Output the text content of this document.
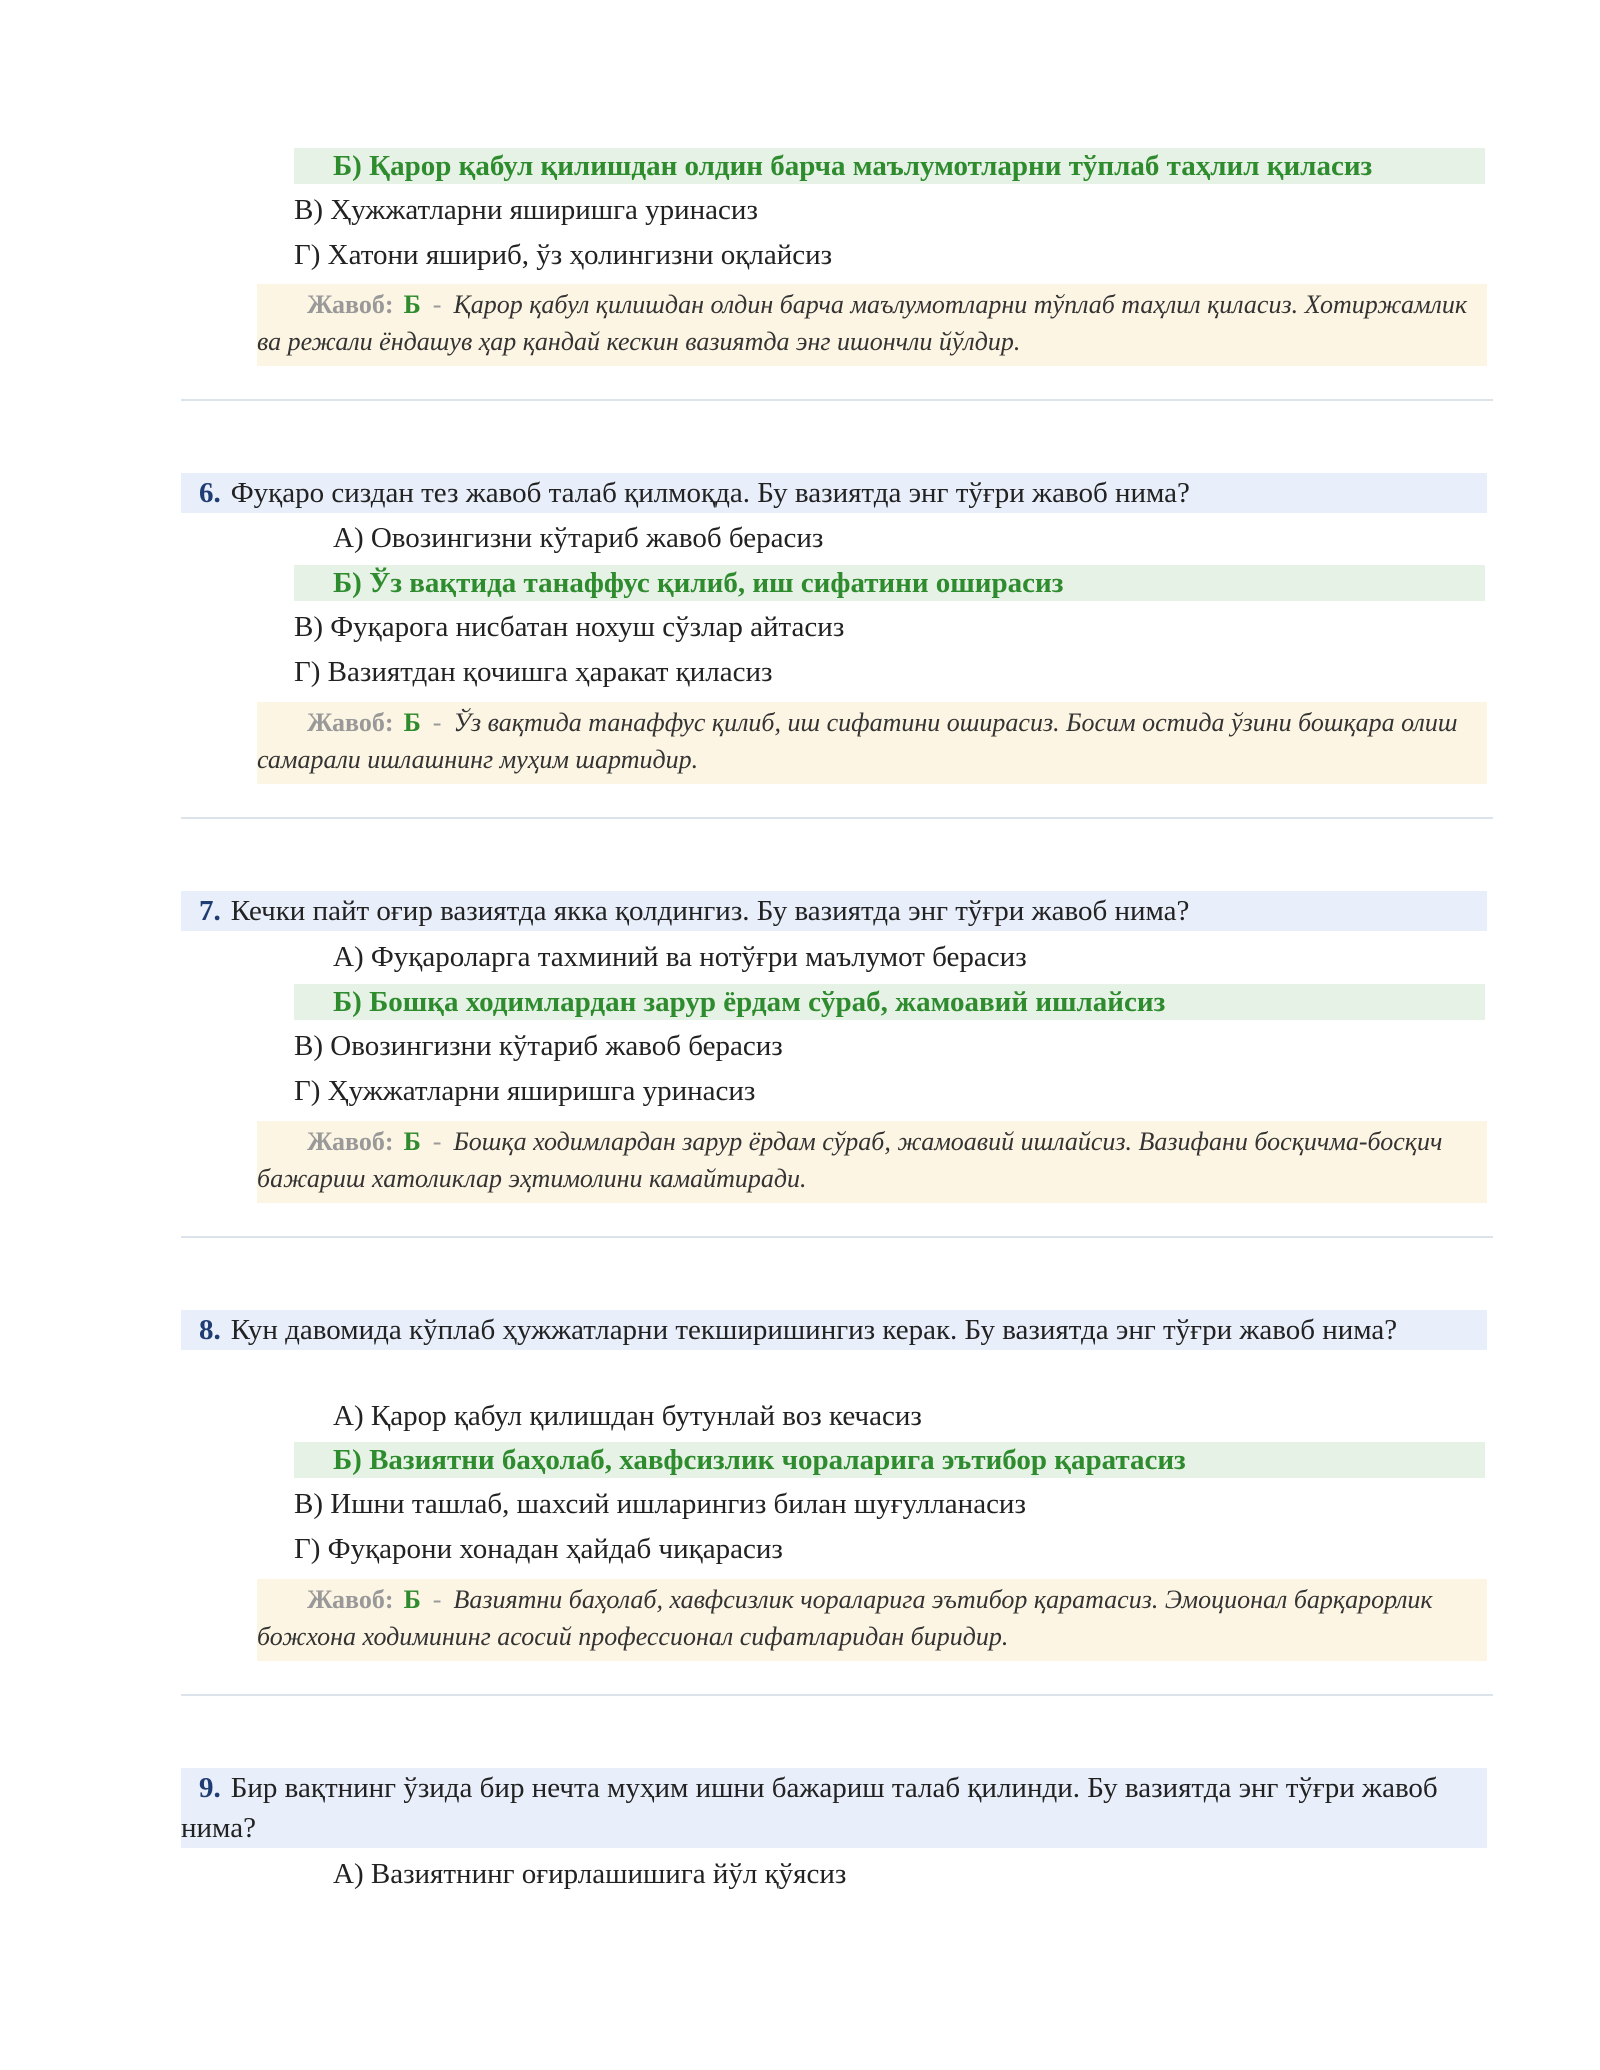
Б) Қарор қабул қилишдан олдин барча маълумотларни тўплаб таҳлил қиласиз
В) Ҳужжатларни яширишга уринасиз
Г) Хатони яшириб, ўз ҳолингизни оқлайсиз
Жавоб: Б - Қарор қабул қилишдан олдин барча маълумотларни тўплаб таҳлил қиласиз. Хотиржамлик ва режали ёндашув ҳар қандай кескин вазиятда энг ишончли йўлдир.
6. Фуқаро сиздан тез жавоб талаб қилмоқда. Бу вазиятда энг тўғри жавоб нима?
А) Овозингизни кўтариб жавоб берасиз
Б) Ўз вақтида танаффус қилиб, иш сифатини оширасиз
В) Фуқарога нисбатан нохуш сўзлар айтасиз
Г) Вазиятдан қочишга ҳаракат қиласиз
Жавоб: Б - Ўз вақтида танаффус қилиб, иш сифатини оширасиз. Босим остида ўзини бошқара олиш самарали ишлашнинг муҳим шартидир.
7. Кечки пайт оғир вазиятда якка қолдингиз. Бу вазиятда энг тўғри жавоб нима?
А) Фуқароларга тахминий ва нотўғри маълумот берасиз
Б) Бошқа ходимлардан зарур ёрдам сўраб, жамоавий ишлайсиз
В) Овозингизни кўтариб жавоб берасиз
Г) Ҳужжатларни яширишга уринасиз
Жавоб: Б - Бошқа ходимлардан зарур ёрдам сўраб, жамоавий ишлайсиз. Вазифани босқичма-босқич бажариш хатоликлар эҳтимолини камайтиради.
8. Кун давомида кўплаб ҳужжатларни текширишингиз керак. Бу вазиятда энг тўғри жавоб нима?
А) Қарор қабул қилишдан бутунлай воз кечасиз
Б) Вазиятни баҳолаб, хавфсизлик чораларига эътибор қаратасиз
В) Ишни ташлаб, шахсий ишларингиз билан шуғулланасиз
Г) Фуқарони хонадан ҳайдаб чиқарасиз
Жавоб: Б - Вазиятни баҳолаб, хавфсизлик чораларига эътибор қаратасиз. Эмоционал барқарорлик божхона ходимининг асосий профессионал сифатларидан биридир.
9. Бир вақтнинг ўзида бир нечта муҳим ишни бажариш талаб қилинди. Бу вазиятда энг тўғри жавоб нима?
А) Вазиятнинг оғирлашишига йўл қўясиз
